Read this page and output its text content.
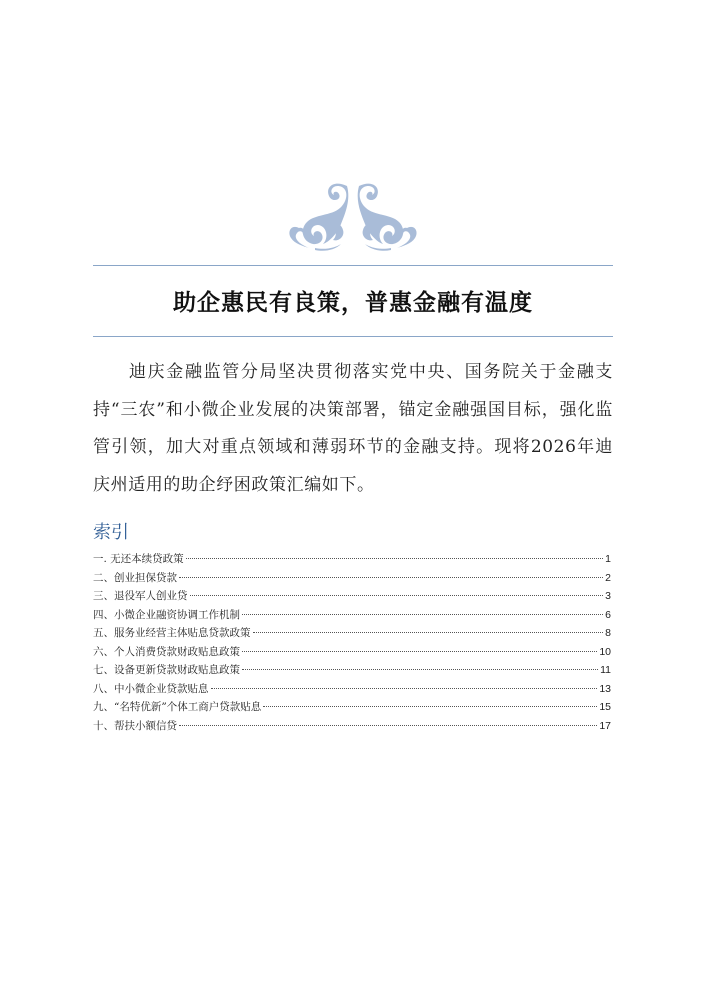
助企惠民有良策，普惠金融有温度
迪庆金融监管分局坚决贯彻落实党中央、国务院关于金融支持“三农”和小微企业发展的决策部署，锚定金融强国目标，强化监管引领，加大对重点领域和薄弱环节的金融支持。现将2026年迪庆州适用的助企纾困政策汇编如下。
索引
一. 无还本续贷政策	1
二、创业担保贷款	2
三、退役军人创业贷	3
四、小微企业融资协调工作机制	6
五、服务业经营主体贴息贷款政策	8
六、个人消费贷款财政贴息政策	10
七、设备更新贷款财政贴息政策	11
八、中小微企业贷款贴息	13
九、“名特优新”个体工商户贷款贴息	15
十、帮扶小额信贷	17
